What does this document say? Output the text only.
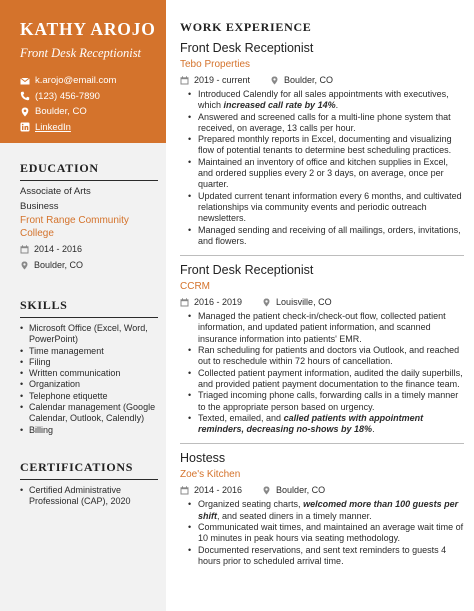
KATHY AROJO
Front Desk Receptionist
k.arojo@email.com
(123) 456-7890
Boulder, CO
LinkedIn
EDUCATION
Associate of Arts
Business
Front Range Community College
2014 - 2016
Boulder, CO
SKILLS
• Microsoft Office (Excel, Word, PowerPoint)
• Time management
• Filing
• Written communication
• Organization
• Telephone etiquette
• Calendar management (Google Calendar, Outlook, Calendly)
• Billing
CERTIFICATIONS
• Certified Administrative Professional (CAP), 2020
WORK EXPERIENCE
Front Desk Receptionist
Tebo Properties
2019 - current	Boulder, CO
• Introduced Calendly for all sales appointments with executives, which increased call rate by 14%.
• Answered and screened calls for a multi-line phone system that received, on average, 13 calls per hour.
• Prepared monthly reports in Excel, documenting and visualizing flow of potential tenants to determine best scheduling practices.
• Maintained an inventory of office and kitchen supplies in Excel, and ordered supplies every 2 or 3 days, on average, once per quarter.
• Updated current tenant information every 6 months, and cultivated relationships via community events and periodic outreach newsletters.
• Managed sending and receiving of all mailings, orders, invitations, and flowers.
Front Desk Receptionist
CCRM
2016 - 2019	Louisville, CO
• Managed the patient check-in/check-out flow, collected patient information, and updated patient information, and scanned insurance information into patients' EMR.
• Ran scheduling for patients and doctors via Outlook, and reached out to reschedule within 72 hours of cancellation.
• Collected patient payment information, audited the daily superbills, and provided patient payment documentation to the finance team.
• Triaged incoming phone calls, forwarding calls in a timely manner to the appropriate person based on urgency.
• Texted, emailed, and called patients with appointment reminders, decreasing no-shows by 18%.
Hostess
Zoe's Kitchen
2014 - 2016	Boulder, CO
• Organized seating charts, welcomed more than 100 guests per shift, and seated diners in a timely manner.
• Communicated wait times, and maintained an average wait time of 10 minutes in peak hours via seating methodology.
• Documented reservations, and sent text reminders to guests 4 hours prior to scheduled arrival time.
